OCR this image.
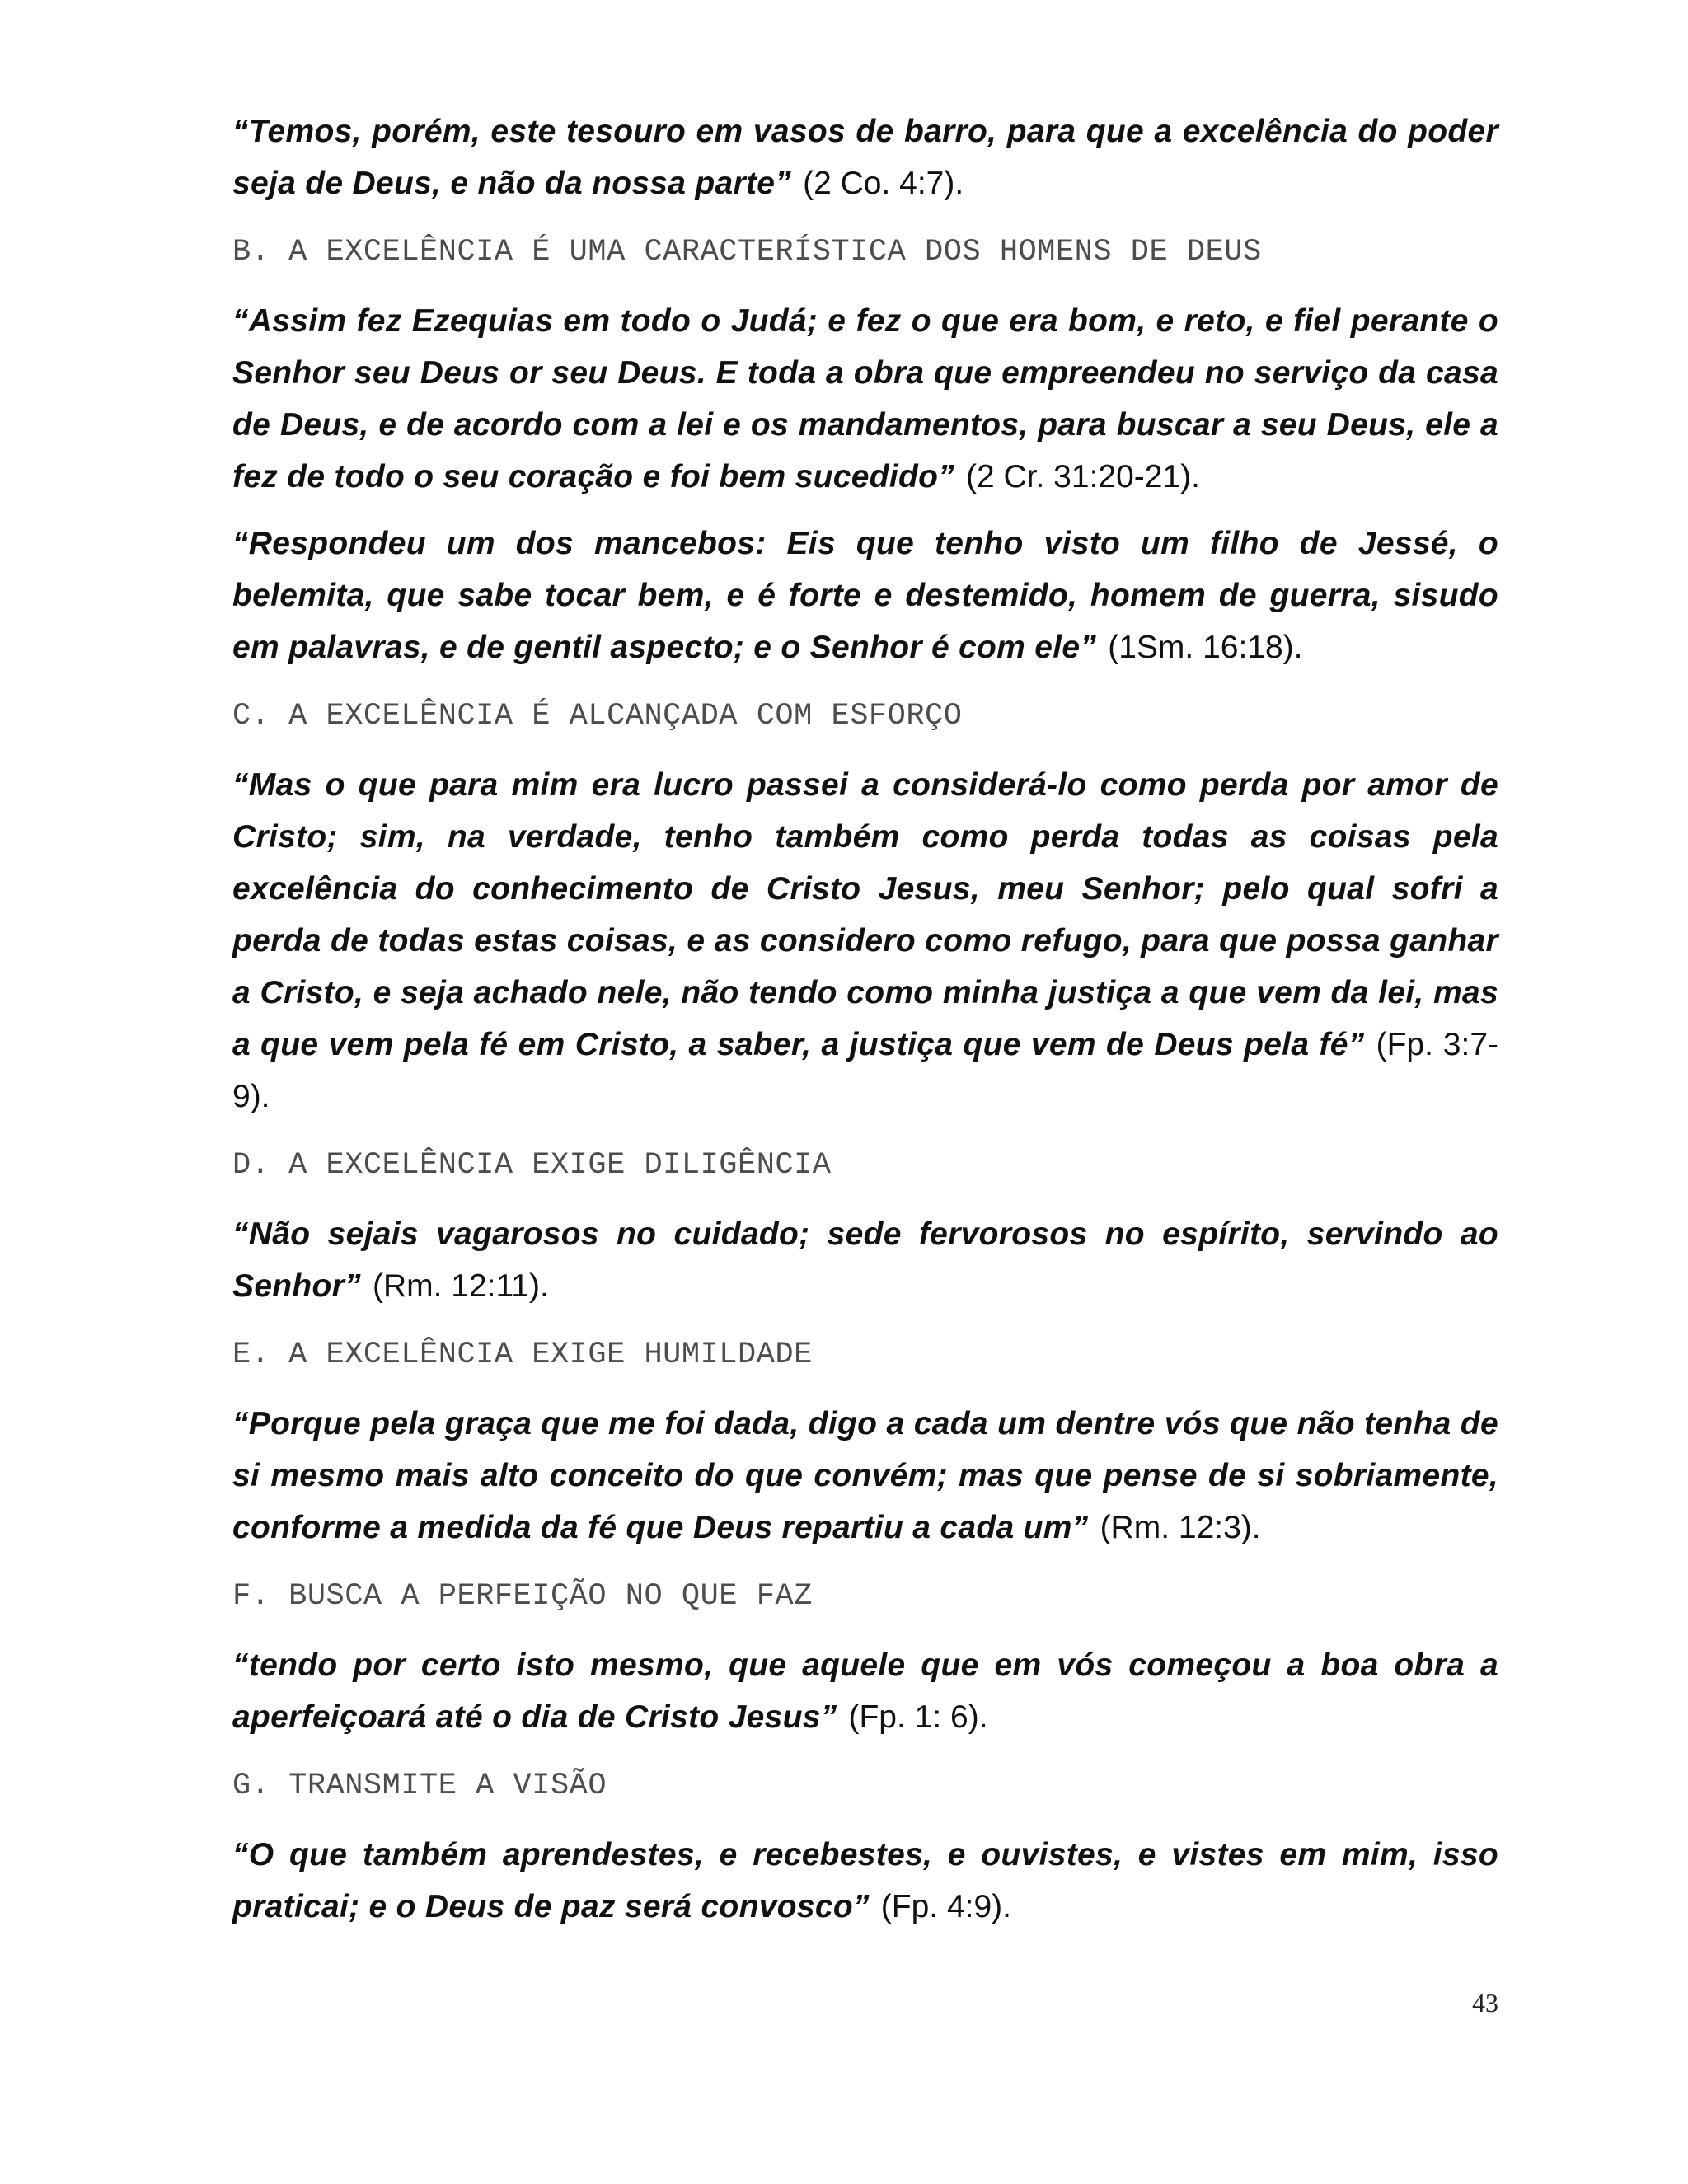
“Temos, porém, este tesouro em vasos de barro, para que a excelência do poder seja de Deus, e não da nossa parte” (2 Co. 4:7).

B. A EXCELÊNCIA É UMA CARACTERÍSTICA DOS HOMENS DE DEUS

“Assim fez Ezequias em todo o Judá; e fez o que era bom, e reto, e fiel perante o Senhor seu Deus or seu Deus. E toda a obra que empreendeu no serviço da casa de Deus, e de acordo com a lei e os mandamentos, para buscar a seu Deus, ele a fez de todo o seu coração e foi bem sucedido” (2 Cr. 31:20-21).

“Respondeu um dos mancebos: Eis que tenho visto um filho de Jessé, o belemita, que sabe tocar bem, e é forte e destemido, homem de guerra, sisudo em palavras, e de gentil aspecto; e o Senhor é com ele” (1Sm. 16:18).

C. A EXCELÊNCIA É ALCANÇADA COM ESFORÇO

“Mas o que para mim era lucro passei a considerá-lo como perda por amor de Cristo; sim, na verdade, tenho também como perda todas as coisas pela excelência do conhecimento de Cristo Jesus, meu Senhor; pelo qual sofri a perda de todas estas coisas, e as considero como refugo, para que possa ganhar a Cristo, e seja achado nele, não tendo como minha justiça a que vem da lei, mas a que vem pela fé em Cristo, a saber, a justiça que vem de Deus pela fé” (Fp. 3:7-9).

D. A EXCELÊNCIA EXIGE DILIGÊNCIA

“Não sejais vagarosos no cuidado; sede fervorosos no espírito, servindo ao Senhor” (Rm. 12:11).

E. A EXCELÊNCIA EXIGE HUMILDADE

“Porque pela graça que me foi dada, digo a cada um dentre vós que não tenha de si mesmo mais alto conceito do que convém; mas que pense de si sobriamente, conforme a medida da fé que Deus repartiu a cada um” (Rm. 12:3).

F. BUSCA A PERFEIÇÃO NO QUE FAZ

“tendo por certo isto mesmo, que aquele que em vós começou a boa obra a aperfeiçoará até o dia de Cristo Jesus” (Fp. 1: 6).

G. TRANSMITE A VISÃO

“O que também aprendestes, e recebestes, e ouvistes, e vistes em mim, isso praticai; e o Deus de paz será convosco” (Fp. 4:9).

43
